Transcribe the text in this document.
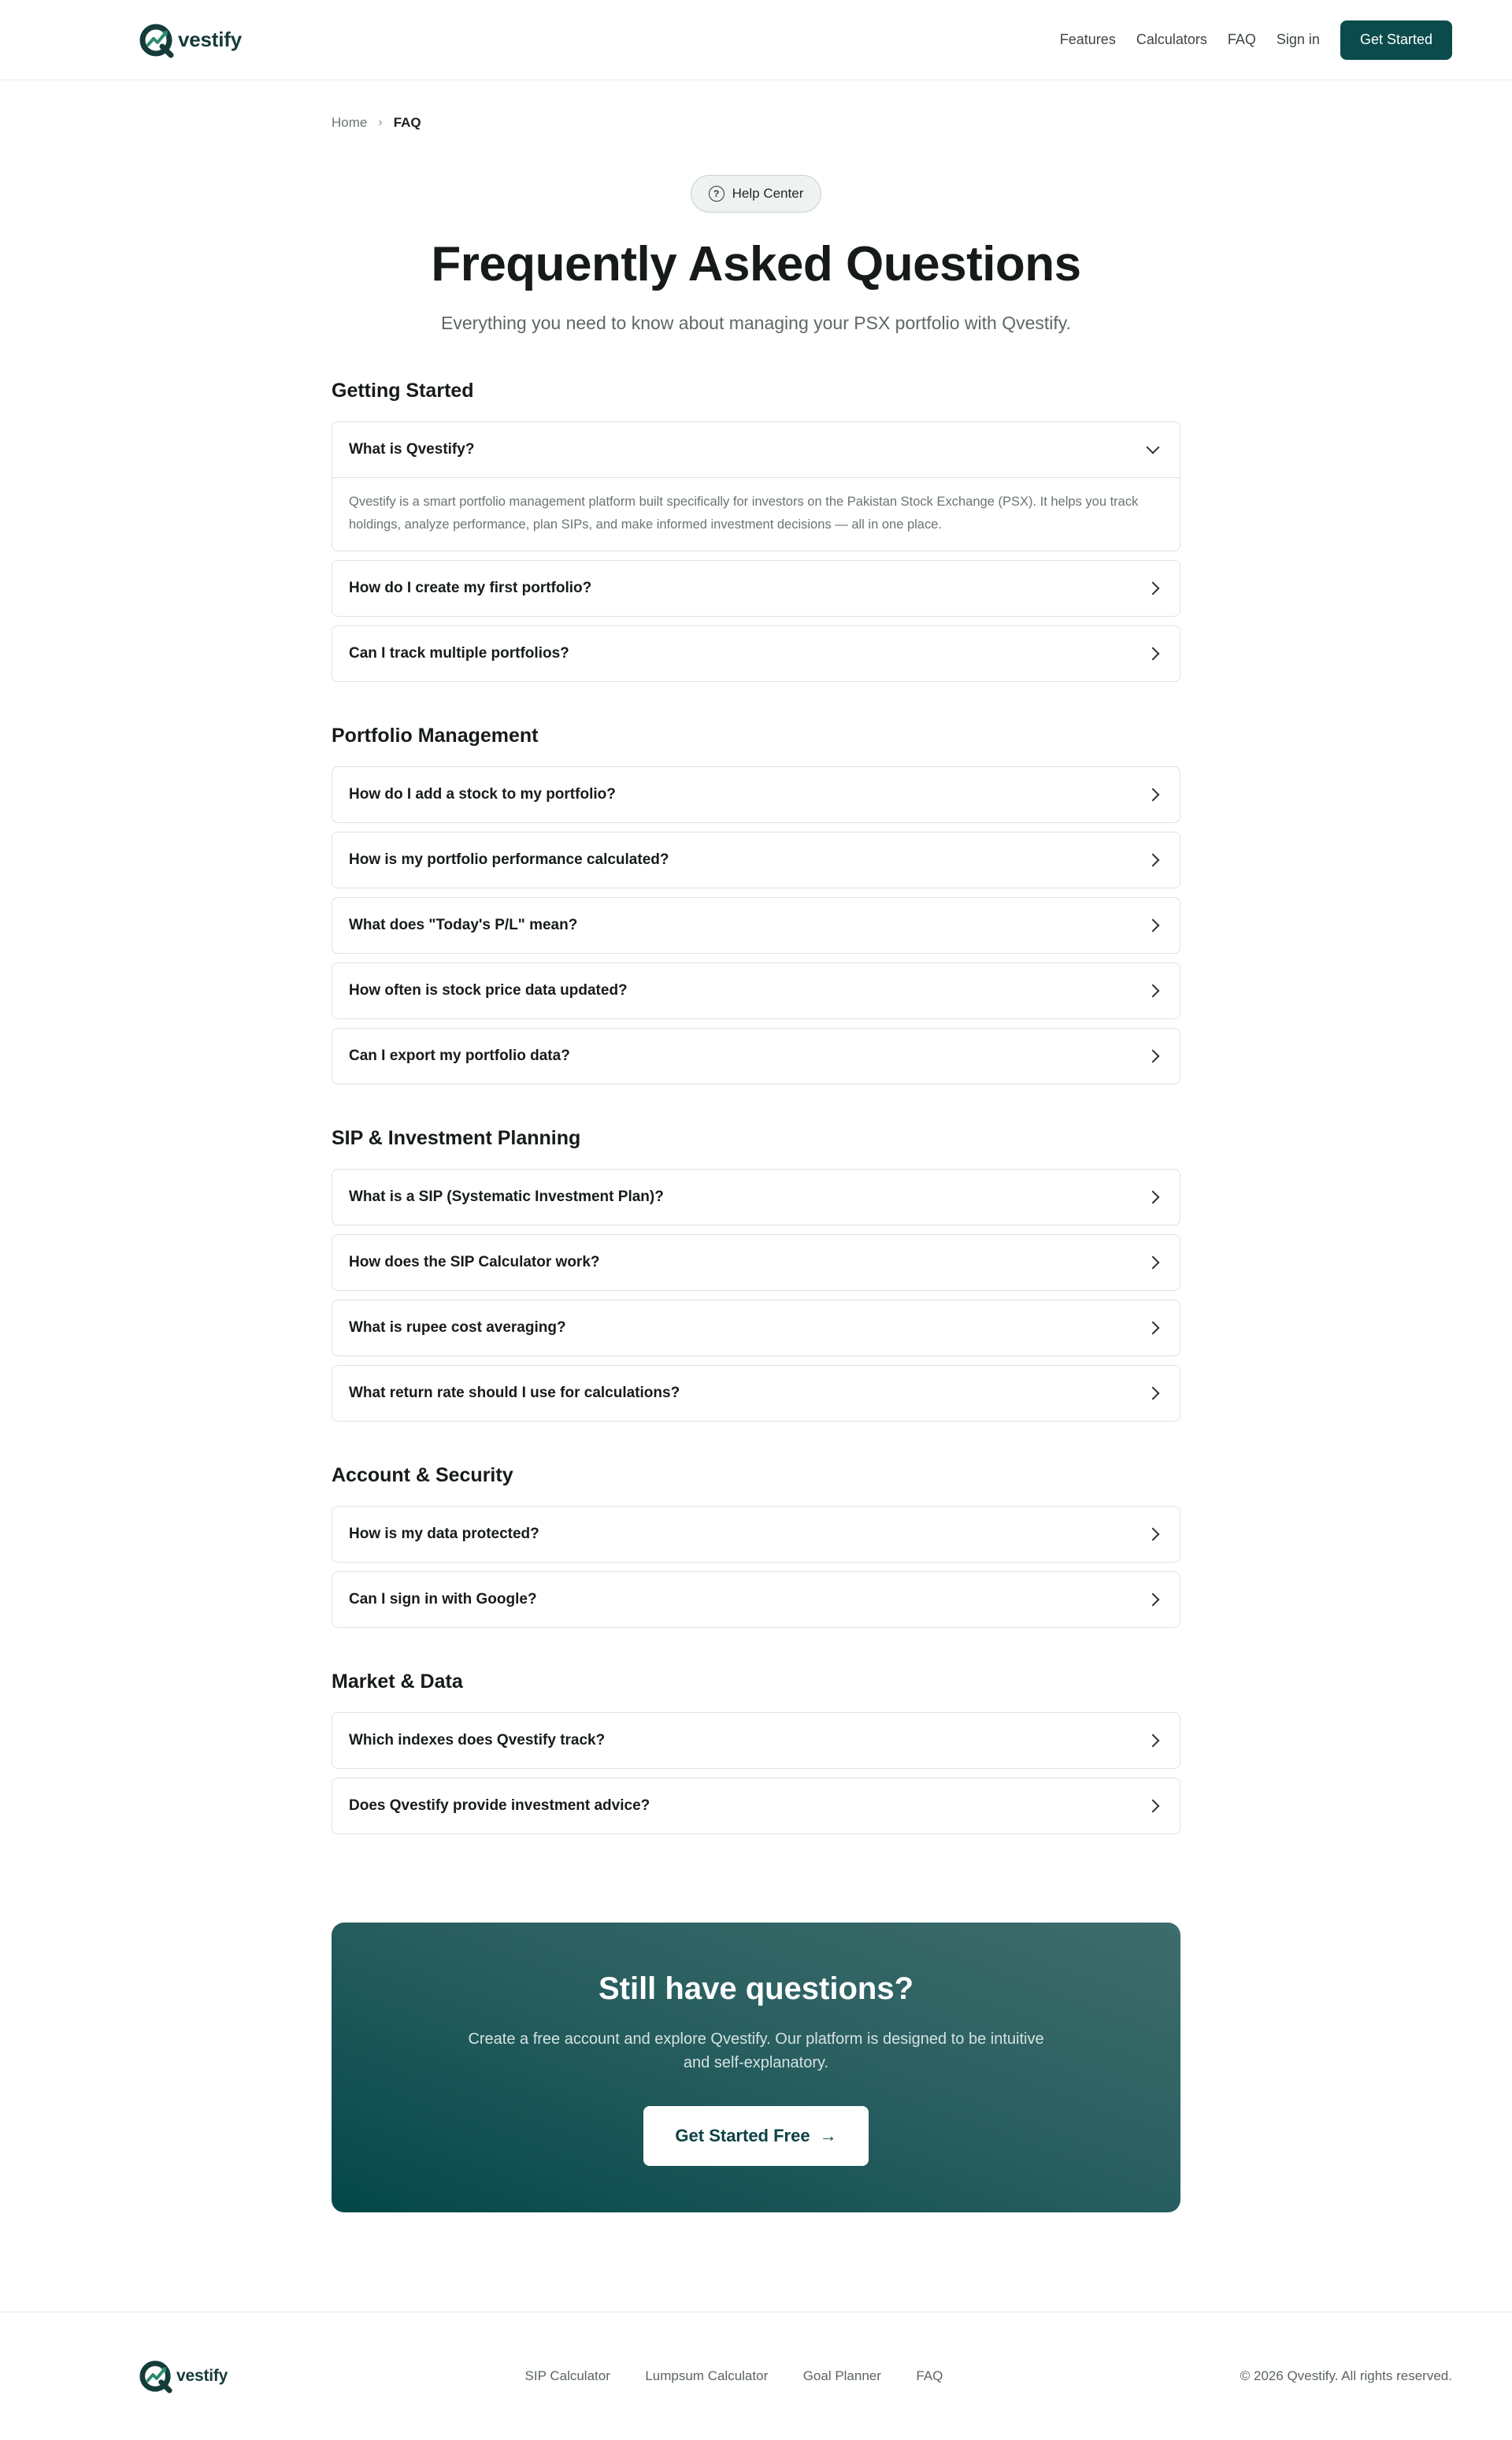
vestify	Features Calculators FAQ Sign in	Get Started
Home › FAQ
? Help Center
Frequently Asked Questions

Everything you need to know about managing your PSX portfolio with Qvestify.

Getting Started
What is Qvestify?
Qvestify is a smart portfolio management platform built specifically for investors on the Pakistan Stock Exchange (PSX). It helps you track holdings, analyze performance, plan SIPs, and make informed investment decisions — all in one place.
How do I create my first portfolio?
Can I track multiple portfolios?
Portfolio Management
How do I add a stock to my portfolio?
How is my portfolio performance calculated?
What does "Today's P/L" mean?
How often is stock price data updated?
Can I export my portfolio data?
SIP & Investment Planning
What is a SIP (Systematic Investment Plan)?
How does the SIP Calculator work?
What is rupee cost averaging?
What return rate should I use for calculations?
Account & Security
How is my data protected?
Can I sign in with Google?
Market & Data
Which indexes does Qvestify track?
Does Qvestify provide investment advice?
Still have questions?

Create a free account and explore Qvestify. Our platform is designed to be intuitive and self-explanatory.

Get Started Free →
vestify	SIP Calculator	Lumpsum Calculator	Goal Planner	FAQ	© 2026 Qvestify. All rights reserved.
